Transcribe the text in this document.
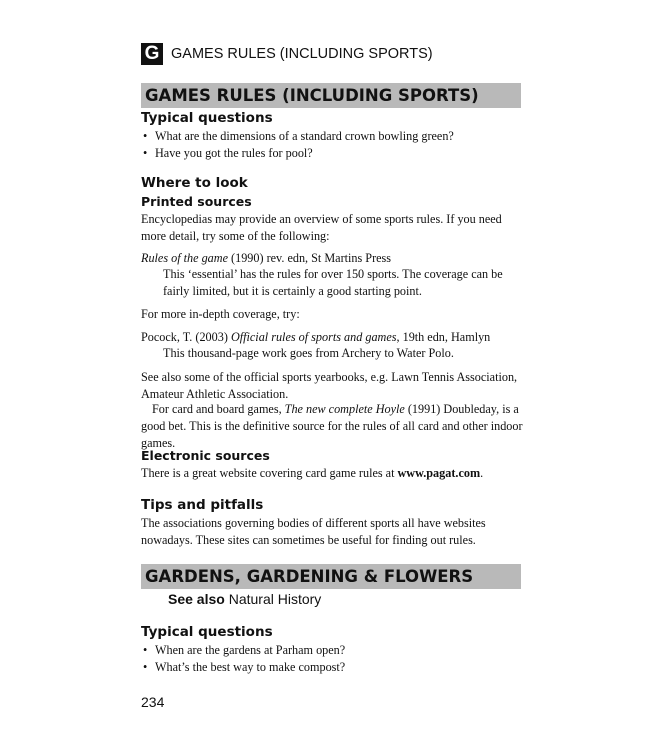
G GAMES RULES (INCLUDING SPORTS)
GAMES RULES (INCLUDING SPORTS)
Typical questions
• What are the dimensions of a standard crown bowling green?
• Have you got the rules for pool?
Where to look
Printed sources
Encyclopedias may provide an overview of some sports rules. If you need more detail, try some of the following:
Rules of the game (1990) rev. edn, St Martins Press
This ‘essential’ has the rules for over 150 sports. The coverage can be fairly limited, but it is certainly a good starting point.
For more in-depth coverage, try:
Pocock, T. (2003) Official rules of sports and games, 19th edn, Hamlyn
This thousand-page work goes from Archery to Water Polo.
See also some of the official sports yearbooks, e.g. Lawn Tennis Association, Amateur Athletic Association.
For card and board games, The new complete Hoyle (1991) Doubleday, is a good bet. This is the definitive source for the rules of all card and other indoor games.
Electronic sources
There is a great website covering card game rules at www.pagat.com.
Tips and pitfalls
The associations governing bodies of different sports all have websites nowadays. These sites can sometimes be useful for finding out rules.
GARDENS, GARDENING & FLOWERS
See also Natural History
Typical questions
• When are the gardens at Parham open?
• What’s the best way to make compost?
234
